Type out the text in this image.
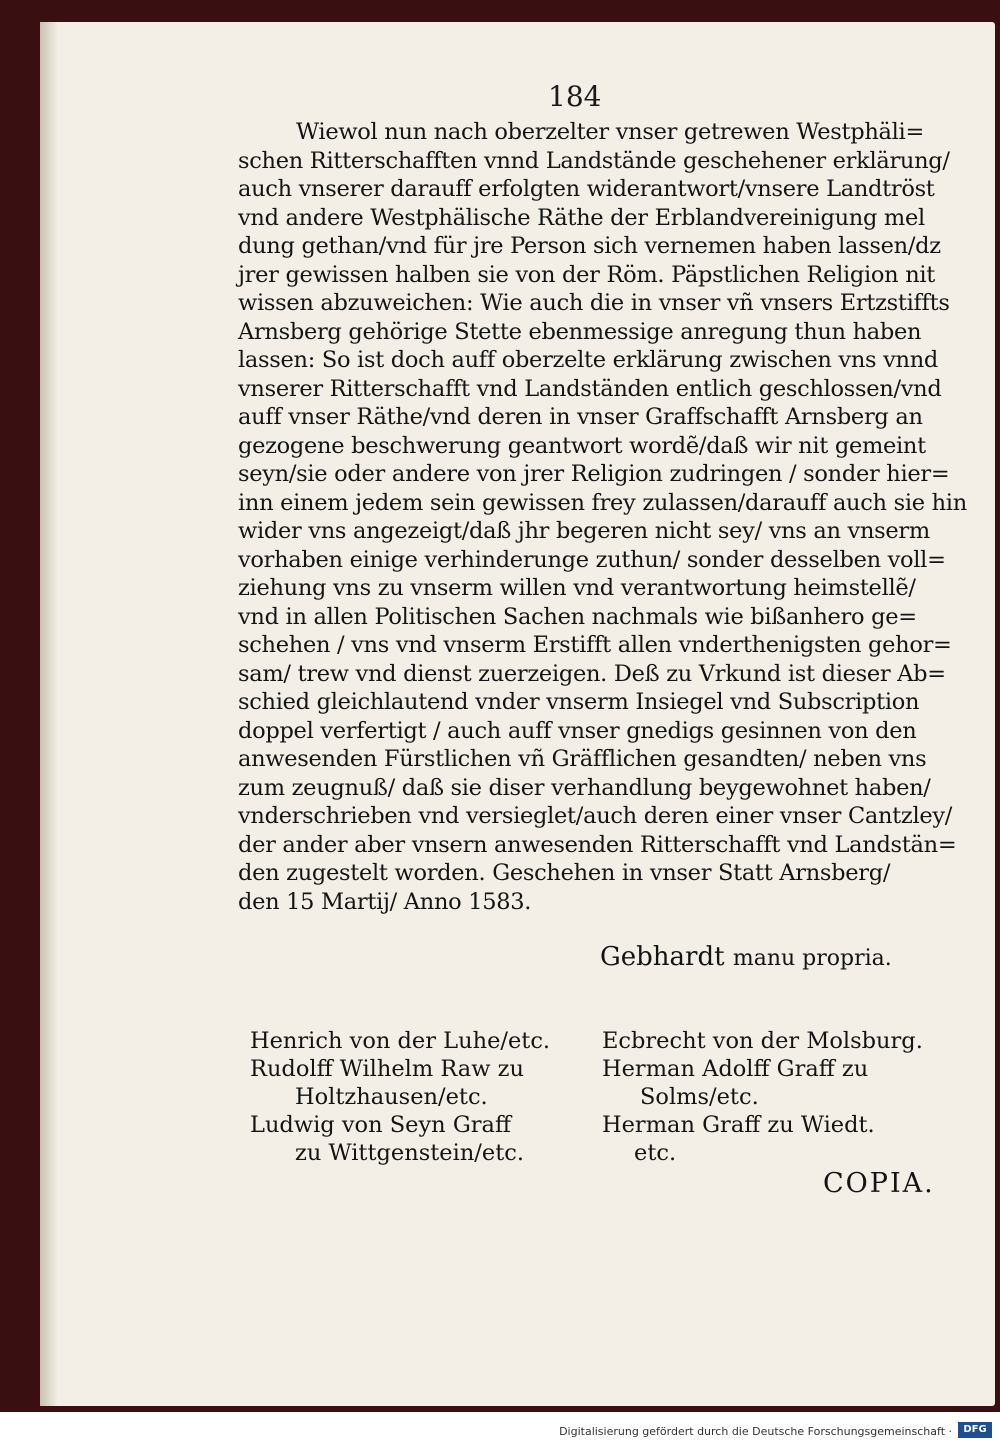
184
Wiewol nun nach oberzelter vnser getrewen Westphäli=
schen Ritterschafften vnnd Landstände geschehener erklärung/
auch vnserer darauff erfolgten widerantwort/vnsere Landtröst
vnd andere Westphälische Räthe der Erblandvereinigung mel
dung gethan/vnd für jre Person sich vernemen haben lassen/dz
jrer gewissen halben sie von der Röm. Päpstlichen Religion nit
wissen abzuweichen: Wie auch die in vnser vñ vnsers Ertzstiffts
Arnsberg gehörige Stette ebenmessige anregung thun haben
lassen: So ist doch auff oberzelte erklärung zwischen vns vnnd
vnserer Ritterschafft vnd Landständen entlich geschlossen/vnd
auff vnser Räthe/vnd deren in vnser Graffschafft Arnsberg an
gezogene beschwerung geantwort wordẽ/daß wir nit gemeint
seyn/sie oder andere von jrer Religion zudringen / sonder hier=
inn einem jedem sein gewissen frey zulassen/darauff auch sie hin
wider vns angezeigt/daß jhr begeren nicht sey/ vns an vnserm
vorhaben einige verhinderunge zuthun/ sonder desselben voll=
ziehung vns zu vnserm willen vnd verantwortung heimstellẽ/
vnd in allen Politischen Sachen nachmals wie bißanhero ge=
schehen / vns vnd vnserm Erstifft allen vnderthenigsten gehor=
sam/ trew vnd dienst zuerzeigen. Deß zu Vrkund ist dieser Ab=
schied gleichlautend vnder vnserm Insiegel vnd Subscription
doppel verfertigt / auch auff vnser gnedigs gesinnen von den
anwesenden Fürstlichen vñ Gräfflichen gesandten/ neben vns
zum zeugnuß/ daß sie diser verhandlung beygewohnet haben/
vnderschrieben vnd versieglet/auch deren einer vnser Cantzley/
der ander aber vnsern anwesenden Ritterschafft vnd Landstän=
den zugestelt worden. Geschehen in vnser Statt Arnsberg/
den 15 Martij/ Anno 1583.
Gebhardt manu propria.
Henrich von der Luhe/etc.
Rudolff Wilhelm Raw zu
Holtzhausen/etc.
Ludwig von Seyn Graff
zu Wittgenstein/etc.
Ecbrecht von der Molsburg.
Herman Adolff Graff zu
Solms/etc.
Herman Graff zu Wiedt.
etc.
COPIA.
Digitalisierung gefördert durch die Deutsche Forschungsgemeinschaft ·	DFG
